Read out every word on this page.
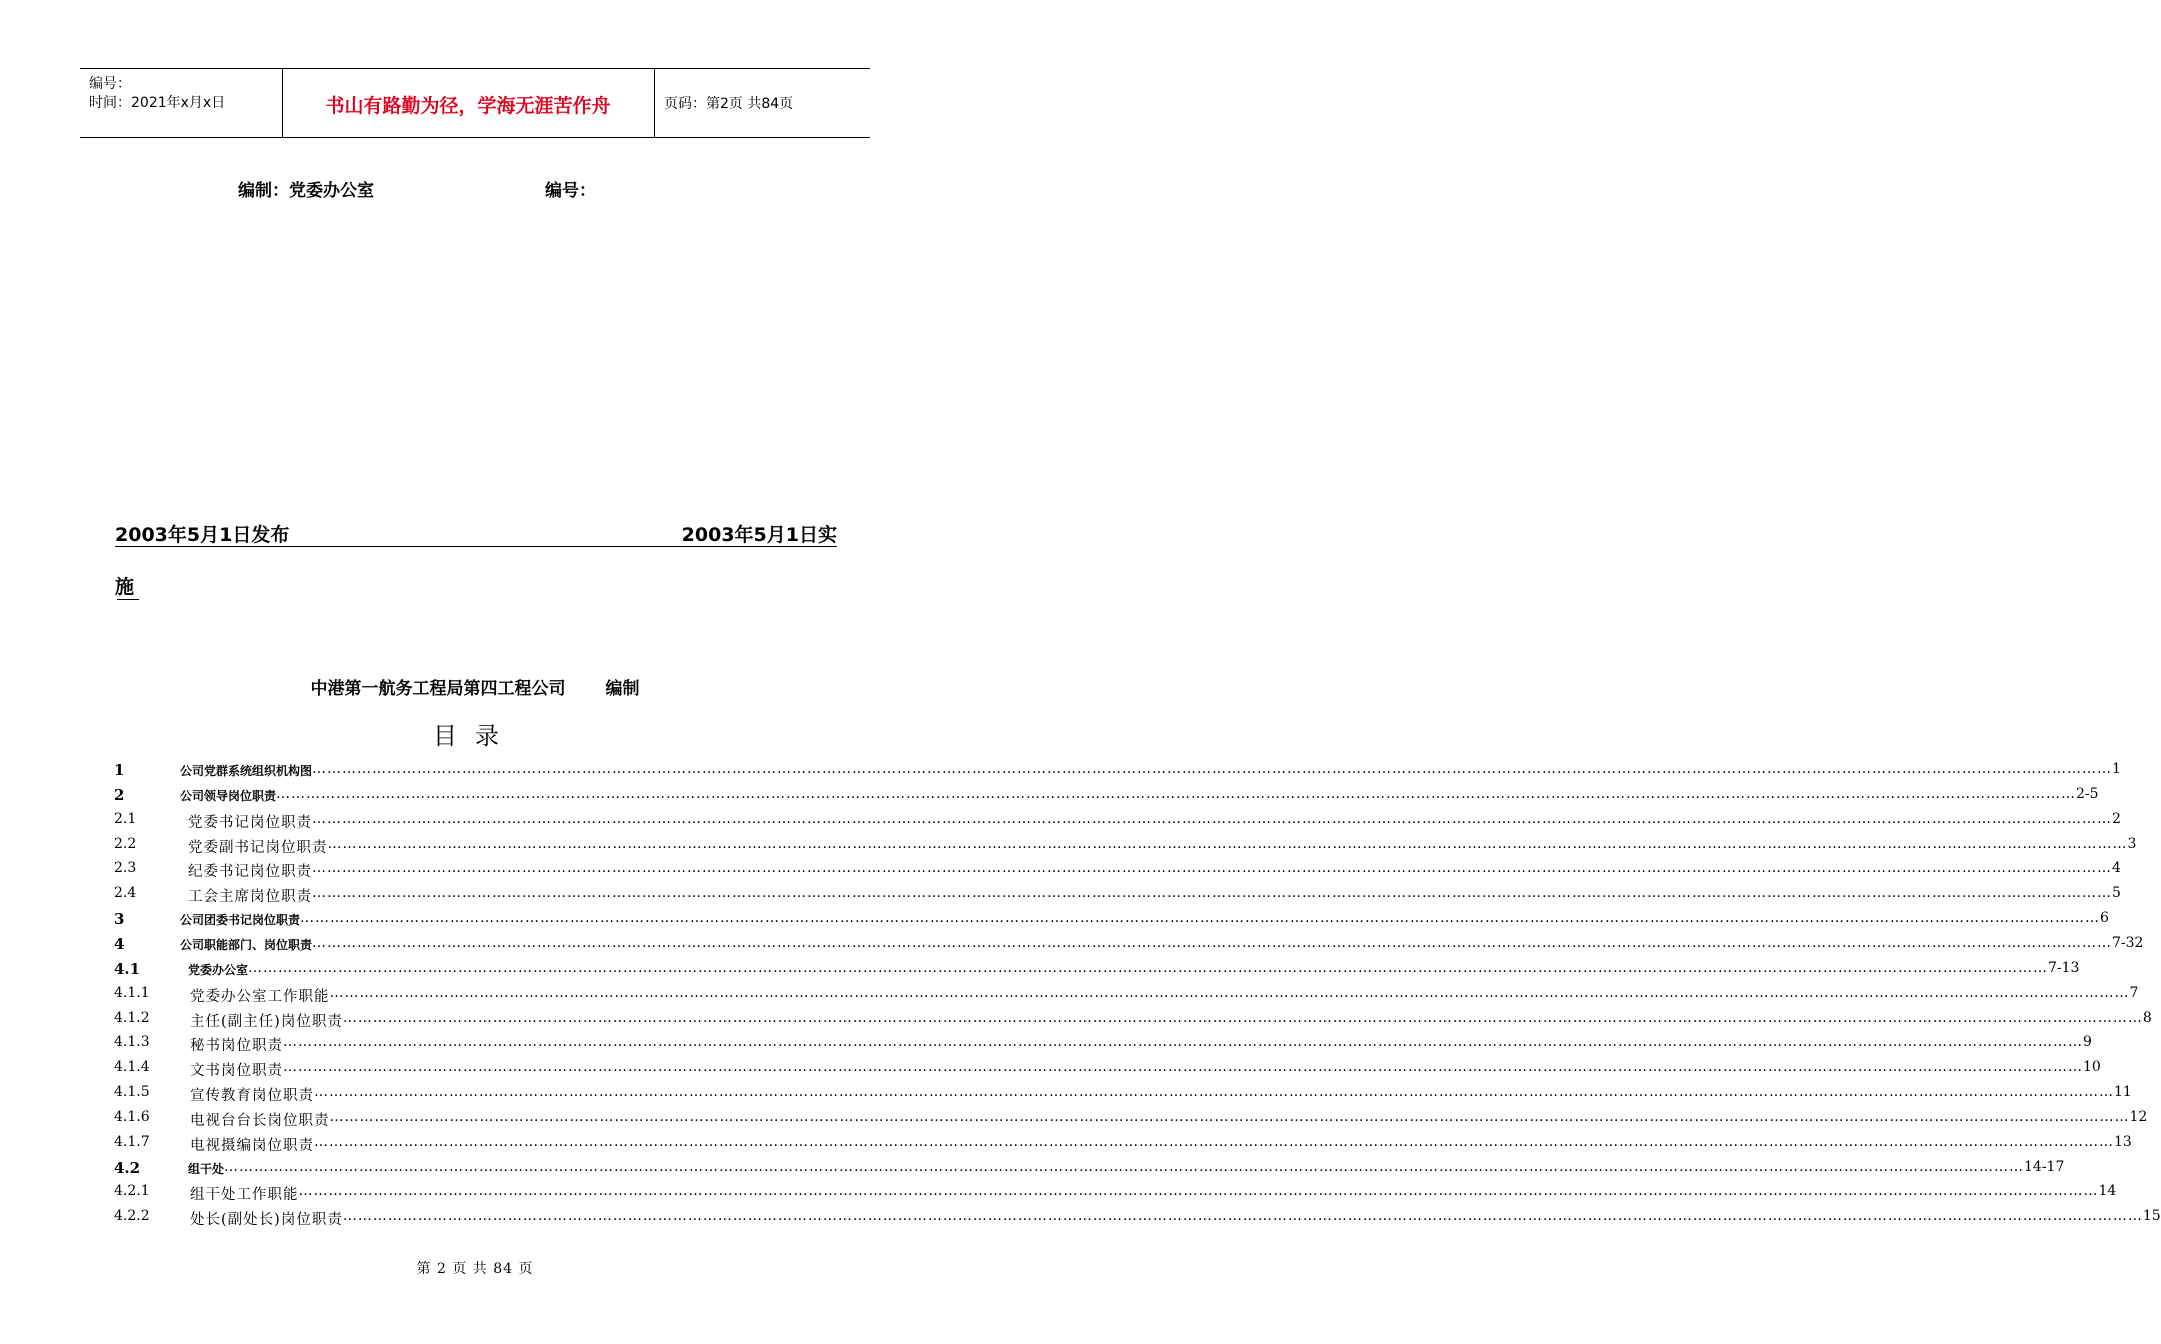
编号：
时间：2021年x月x日	书山有路勤为径，学海无涯苦作舟	页码：第2页 共84页
编制：党委办公室	编号：
2003年5月1日发布	2003年5月1日实
施
中港第一航务工程局第四工程公司 编制
目录
1	公司党群系统组织机构图 ……………………………………………………………………………………………………………………………………………………………………………………………………………………………………………………………………………………………………………………………… 1
2	公司领导岗位职责 ……………………………………………………………………………………………………………………………………………………………………………………………………………………………………………………………………………………………………………………………… 2-5
2.1	党委书记岗位职责 ……………………………………………………………………………………………………………………………………………………………………………………………………………………………………………………………………………………………………………………………… 2
2.2	党委副书记岗位职责 ……………………………………………………………………………………………………………………………………………………………………………………………………………………………………………………………………………………………………………………………… 3
2.3	纪委书记岗位职责 ……………………………………………………………………………………………………………………………………………………………………………………………………………………………………………………………………………………………………………………………… 4
2.4	工会主席岗位职责 ……………………………………………………………………………………………………………………………………………………………………………………………………………………………………………………………………………………………………………………………… 5
3	公司团委书记岗位职责 ……………………………………………………………………………………………………………………………………………………………………………………………………………………………………………………………………………………………………………………………… 6
4	公司职能部门、岗位职责 ……………………………………………………………………………………………………………………………………………………………………………………………………………………………………………………………………………………………………………………………… 7-32
4.1	党委办公室 ……………………………………………………………………………………………………………………………………………………………………………………………………………………………………………………………………………………………………………………………… 7-13
4.1.1	党委办公室工作职能 ……………………………………………………………………………………………………………………………………………………………………………………………………………………………………………………………………………………………………………………………… 7
4.1.2	主任(副主任)岗位职责 ……………………………………………………………………………………………………………………………………………………………………………………………………………………………………………………………………………………………………………………………… 8
4.1.3	秘书岗位职责 ……………………………………………………………………………………………………………………………………………………………………………………………………………………………………………………………………………………………………………………………… 9
4.1.4	文书岗位职责 ……………………………………………………………………………………………………………………………………………………………………………………………………………………………………………………………………………………………………………………………… 10
4.1.5	宣传教育岗位职责 ……………………………………………………………………………………………………………………………………………………………………………………………………………………………………………………………………………………………………………………………… 11
4.1.6	电视台台长岗位职责 ……………………………………………………………………………………………………………………………………………………………………………………………………………………………………………………………………………………………………………………………… 12
4.1.7	电视摄编岗位职责 ……………………………………………………………………………………………………………………………………………………………………………………………………………………………………………………………………………………………………………………………… 13
4.2	组干处 ……………………………………………………………………………………………………………………………………………………………………………………………………………………………………………………………………………………………………………………………… 14-17
4.2.1	组干处工作职能 ……………………………………………………………………………………………………………………………………………………………………………………………………………………………………………………………………………………………………………………………… 14
4.2.2	处长(副处长)岗位职责 ……………………………………………………………………………………………………………………………………………………………………………………………………………………………………………………………………………………………………………………………… 15
第 2 页 共 84 页
